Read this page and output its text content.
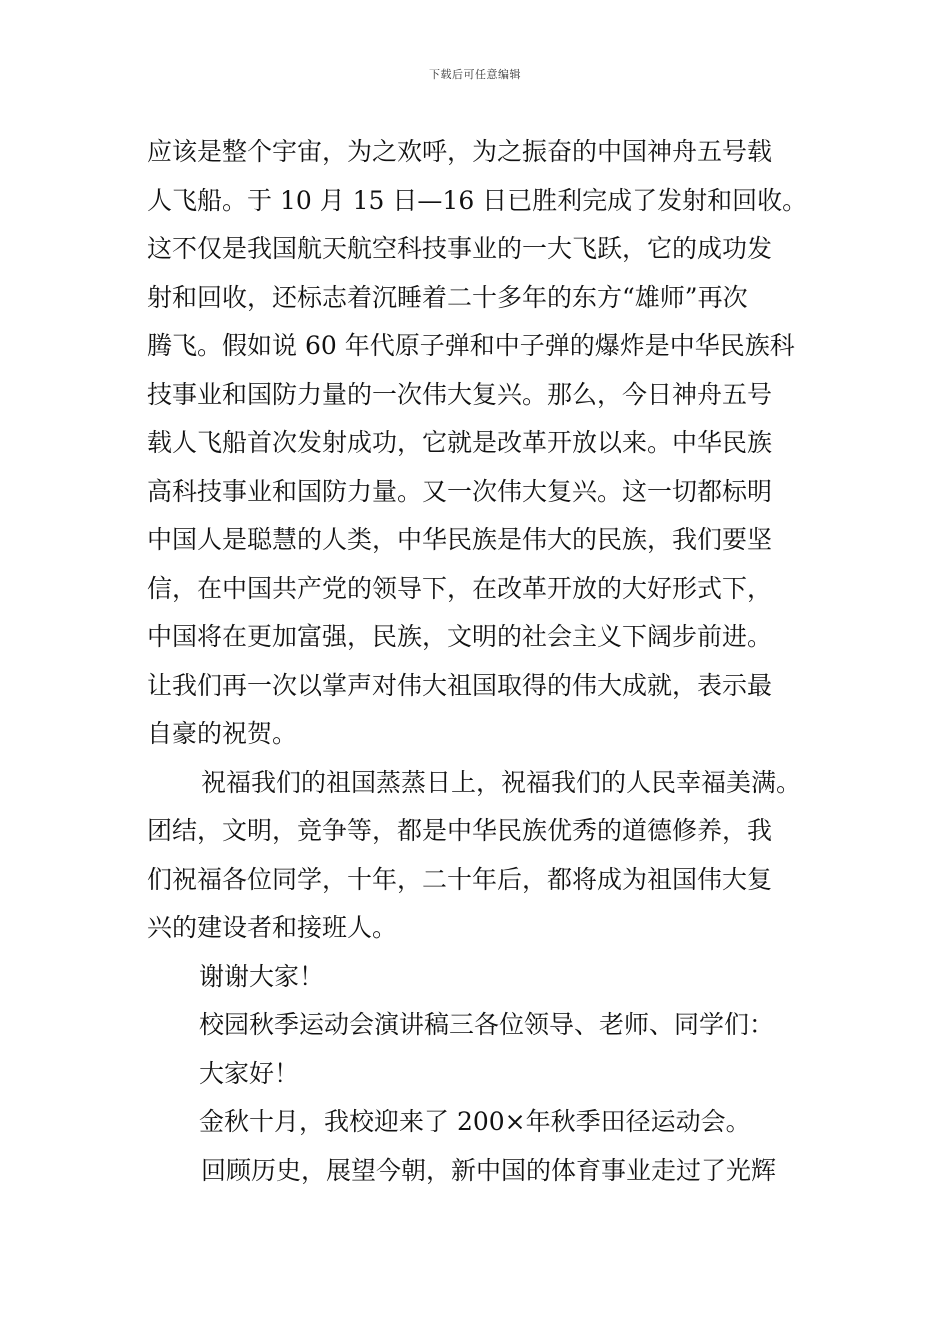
下载后可任意编辑
应该是整个宇宙，为之欢呼，为之振奋的中国神舟五号载
人飞船。于 10 月 15 日—16 日已胜利完成了发射和回收。
这不仅是我国航天航空科技事业的一大飞跃，它的成功发
射和回收，还标志着沉睡着二十多年的东方“雄师”再次
腾飞。假如说 60 年代原子弹和中子弹的爆炸是中华民族科
技事业和国防力量的一次伟大复兴。那么，今日神舟五号
载人飞船首次发射成功，它就是改革开放以来。中华民族
高科技事业和国防力量。又一次伟大复兴。这一切都标明
中国人是聪慧的人类，中华民族是伟大的民族，我们要坚
信，在中国共产党的领导下，在改革开放的大好形式下，
中国将在更加富强，民族，文明的社会主义下阔步前进。
让我们再一次以掌声对伟大祖国取得的伟大成就，表示最
自豪的祝贺。
祝福我们的祖国蒸蒸日上，祝福我们的人民幸福美满。
团结，文明，竞争等，都是中华民族优秀的道德修养，我
们祝福各位同学，十年，二十年后，都将成为祖国伟大复
兴的建设者和接班人。
谢谢大家！
校园秋季运动会演讲稿三各位领导、老师、同学们：
大家好！
金秋十月，我校迎来了 200×年秋季田径运动会。
回顾历史，展望今朝，新中国的体育事业走过了光辉
